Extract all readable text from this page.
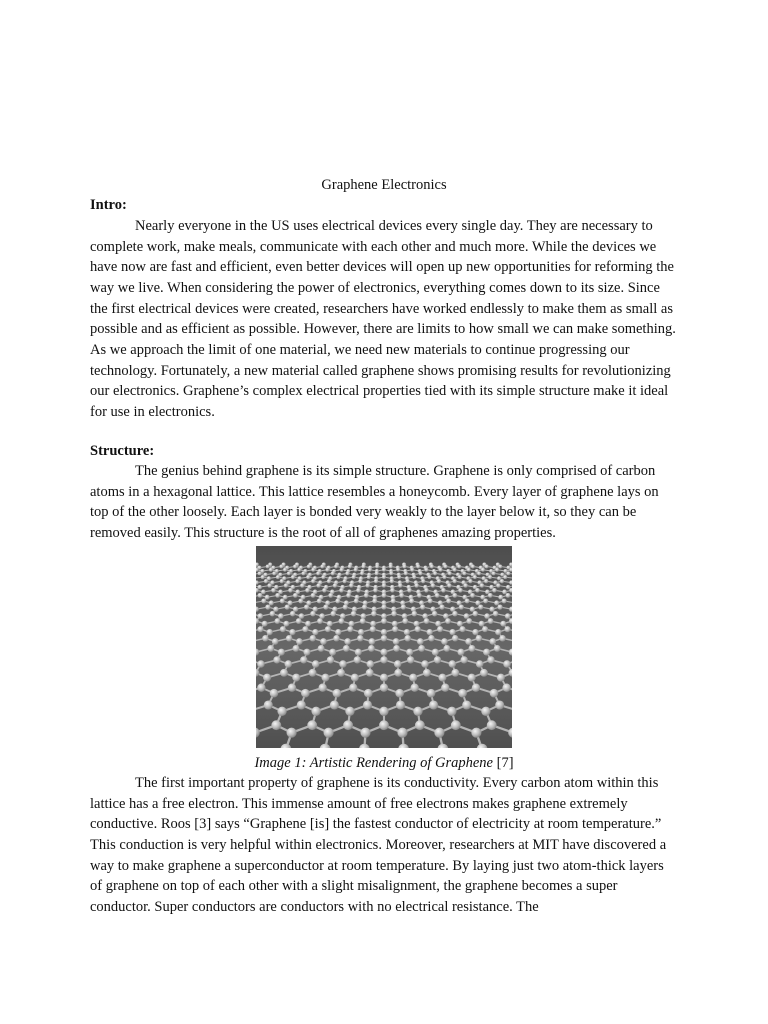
Graphene Electronics
Intro:

Nearly everyone in the US uses electrical devices every single day. They are necessary to complete work, make meals, communicate with each other and much more. While the devices we have now are fast and efficient, even better devices will open up new opportunities for reforming the way we live. When considering the power of electronics, everything comes down to its size. Since the first electrical devices were created, researchers have worked endlessly to make them as small as possible and as efficient as possible. However, there are limits to how small we can make something. As we approach the limit of one material, we need new materials to continue progressing our technology. Fortunately, a new material called graphene shows promising results for revolutionizing our electronics. Graphene’s complex electrical properties tied with its simple structure make it ideal for use in electronics.

Structure:

The genius behind graphene is its simple structure. Graphene is only comprised of carbon atoms in a hexagonal lattice. This lattice resembles a honeycomb. Every layer of graphene lays on top of the other loosely. Each layer is bonded very weakly to the layer below it, so they can be removed easily. This structure is the root of all of graphenes amazing properties.

Image 1: Artistic Rendering of Graphene [7]

The first important property of graphene is its conductivity. Every carbon atom within this lattice has a free electron. This immense amount of free electrons makes graphene extremely conductive. Roos [3] says “Graphene [is] the fastest conductor of electricity at room temperature.” This conduction is very helpful within electronics. Moreover, researchers at MIT have discovered a way to make graphene a superconductor at room temperature. By laying just two atom-thick layers of graphene on top of each other with a slight misalignment, the graphene becomes a super conductor. Super conductors are conductors with no electrical resistance. The
